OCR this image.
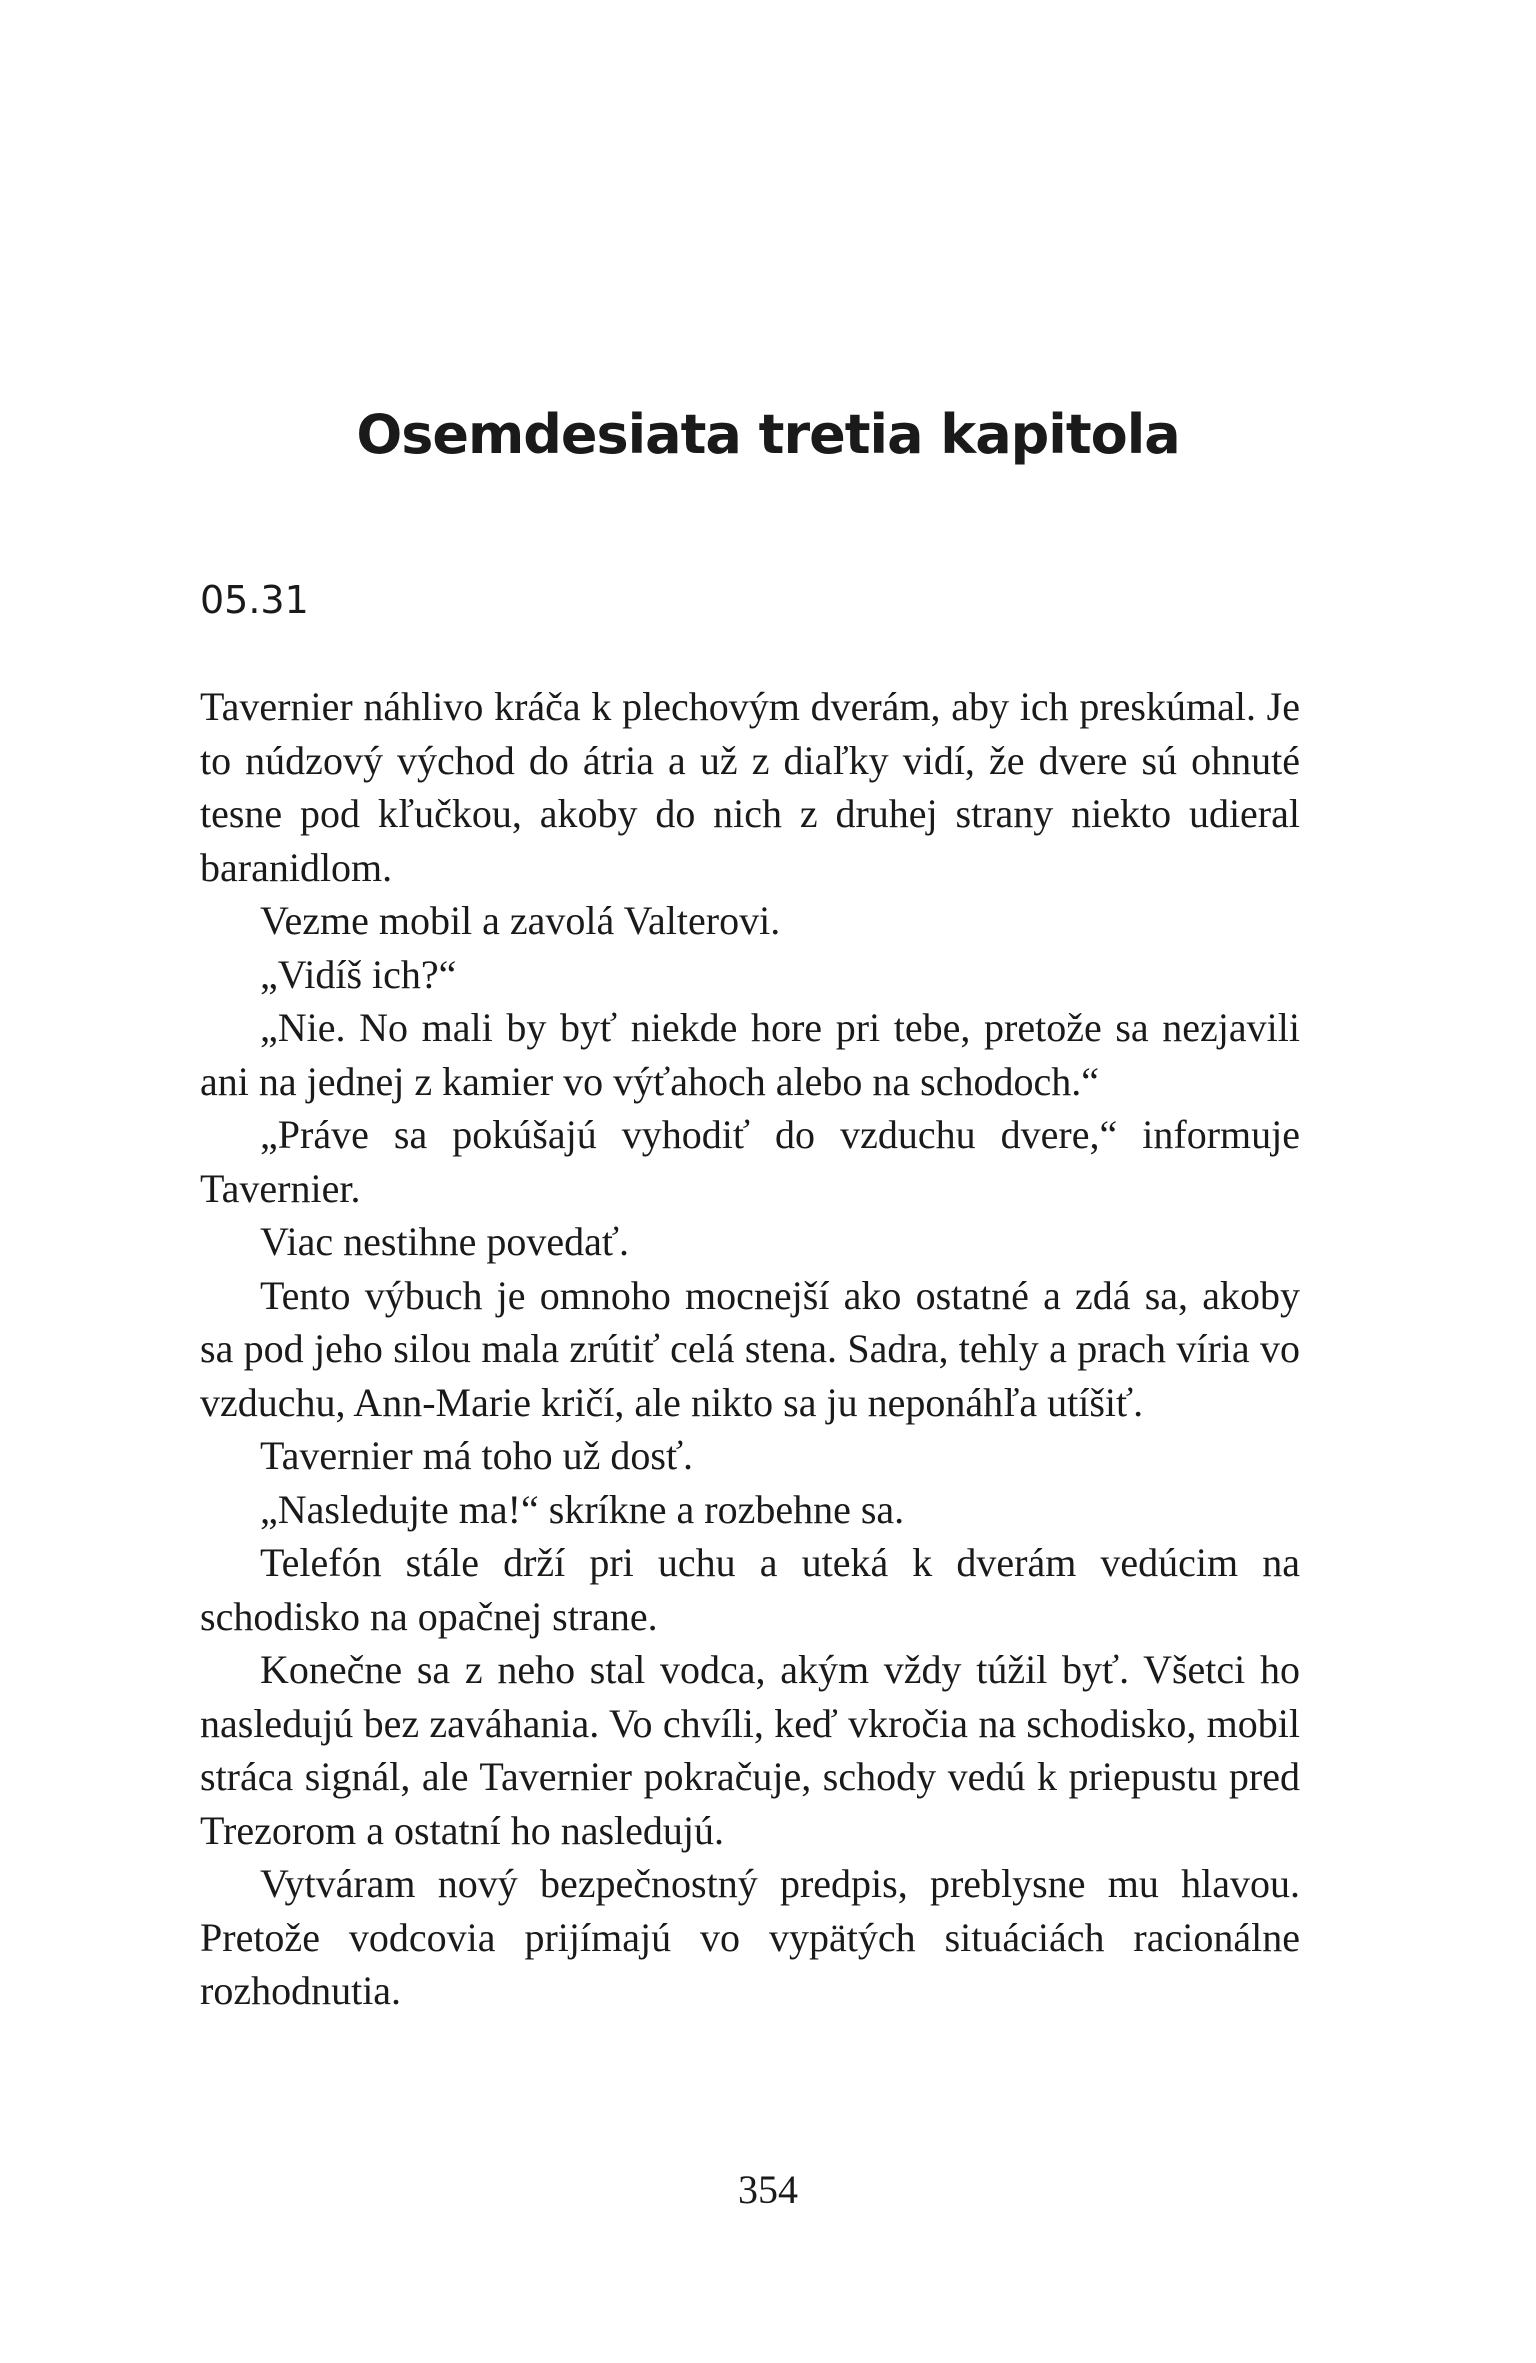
Osemdesiata tretia kapitola
05.31

Tavernier náhlivo kráča k plechovým dverám, aby ich preskúmal. Je to núdzový východ do átria a už z diaľky vidí, že dvere sú ohnuté tesne pod kľučkou, akoby do nich z druhej strany niekto udieral baranidlom.

Vezme mobil a zavolá Valterovi.

„Vidíš ich?“

„Nie. No mali by byť niekde hore pri tebe, pretože sa nezjavili ani na jednej z kamier vo výťahoch alebo na schodoch.“

„Práve sa pokúšajú vyhodiť do vzduchu dvere,“ informuje Tavernier.

Viac nestihne povedať.

Tento výbuch je omnoho mocnejší ako ostatné a zdá sa, akoby sa pod jeho silou mala zrútiť celá stena. Sadra, tehly a prach víria vo vzduchu, Ann-Marie kričí, ale nikto sa ju neponáhľa utíšiť.

Tavernier má toho už dosť.

„Nasledujte ma!“ skríkne a rozbehne sa.

Telefón stále drží pri uchu a uteká k dverám vedúcim na schodisko na opačnej strane.

Konečne sa z neho stal vodca, akým vždy túžil byť. Všetci ho nasledujú bez zaváhania. Vo chvíli, keď vkročia na schodisko, mobil stráca signál, ale Tavernier pokračuje, schody vedú k priepustu pred Trezorom a ostatní ho nasledujú.

Vytváram nový bezpečnostný predpis, preblysne mu hlavou. Pretože vodcovia prijímajú vo vypätých situáciách racionálne rozhodnutia.

354
